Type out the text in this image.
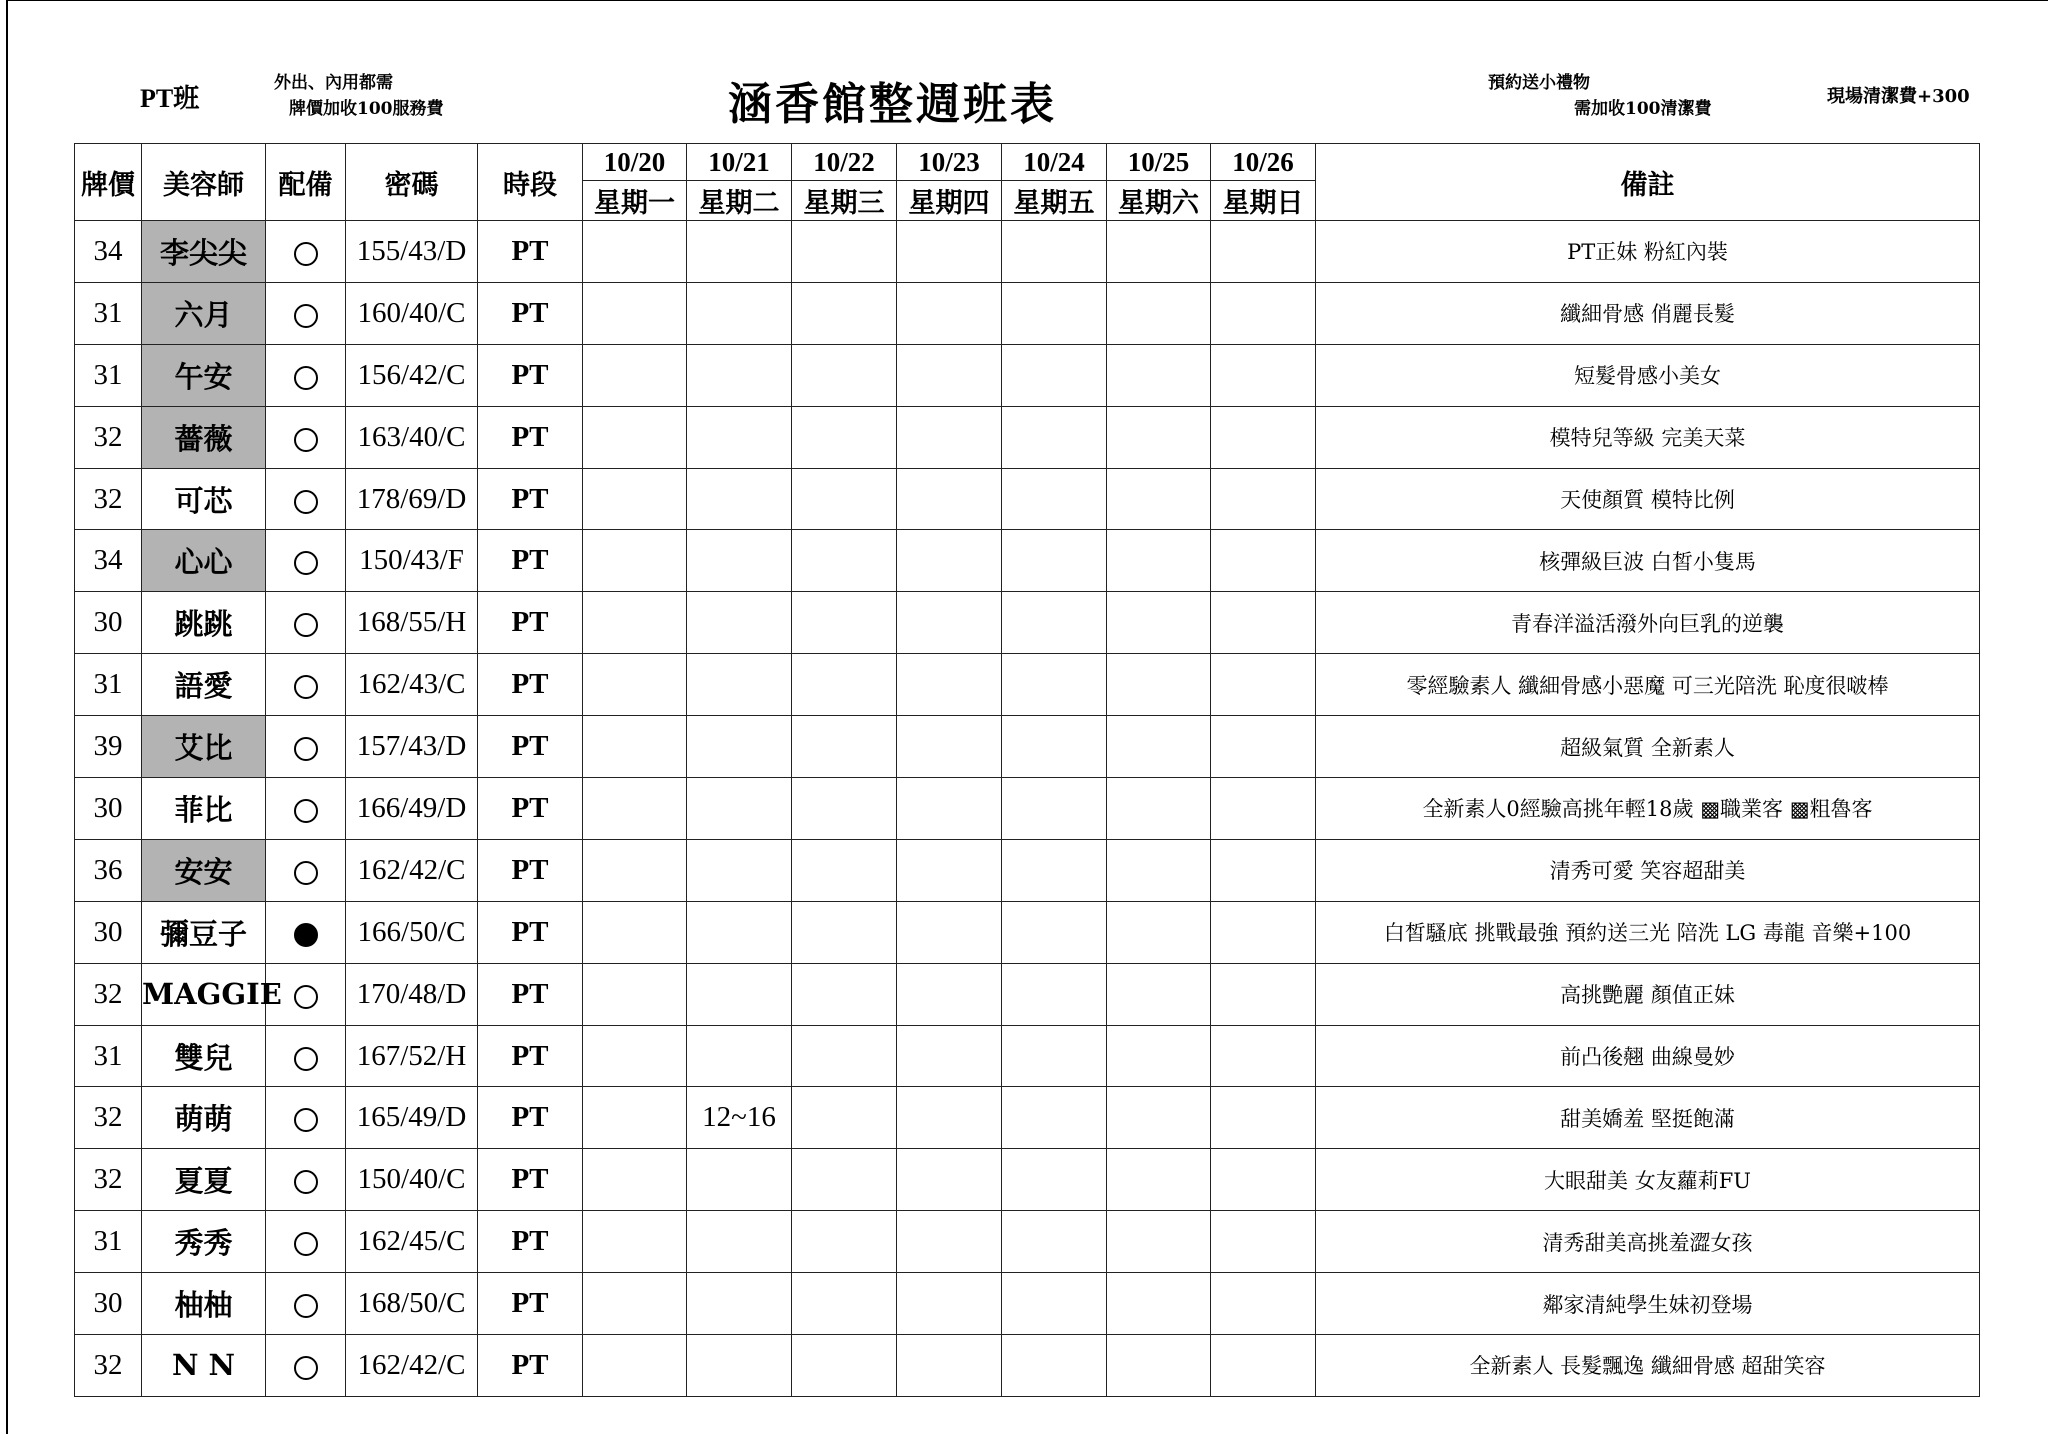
PT班
外出、內用都需
牌價加收100服務費	涵香館整週班表	預約送小禮物
需加收100清潔費
現場清潔費+300
牌價	美容師	配備	密碼	時段	10/20	10/21	10/22	10/23	10/24	10/25	10/26	備註
					星期一	星期二	星期三	星期四	星期五	星期六	星期日	
34	李尖尖		155/43/D	PT								PT正妹 粉紅內裝
31	六月		160/40/C	PT								纖細骨感 俏麗長髮
31	午安		156/42/C	PT								短髮骨感小美女
32	薔薇		163/40/C	PT								模特兒等級 完美天菜
32	可芯		178/69/D	PT								天使顏質 模特比例
34	心心		150/43/F	PT								核彈級巨波 白皙小隻馬
30	跳跳		168/55/H	PT								青春洋溢活潑外向巨乳的逆襲
31	語愛		162/43/C	PT								零經驗素人 纖細骨感小惡魔 可三光陪洗 恥度很啵棒
39	艾比		157/43/D	PT								超級氣質 全新素人
30	菲比		166/49/D	PT								全新素人0經驗高挑年輕18歲 ▩職業客 ▩粗魯客
36	安安		162/42/C	PT								清秀可愛 笑容超甜美
30	彌豆子		166/50/C	PT								白皙騷底 挑戰最強 預約送三光 陪洗 LG 毒龍 音樂+100
32	MAGGIE		170/48/D	PT								高挑艷麗 顏值正妹
31	雙兒		167/52/H	PT								前凸後翹 曲線曼妙
32	萌萌		165/49/D	PT		12~16						甜美嬌羞 堅挺飽滿
32	夏夏		150/40/C	PT								大眼甜美 女友蘿莉FU
31	秀秀		162/45/C	PT								清秀甜美高挑羞澀女孩
30	柚柚		168/50/C	PT								鄰家清純學生妹初登場
32	N N		162/42/C	PT								全新素人 長髮飄逸 纖細骨感 超甜笑容
